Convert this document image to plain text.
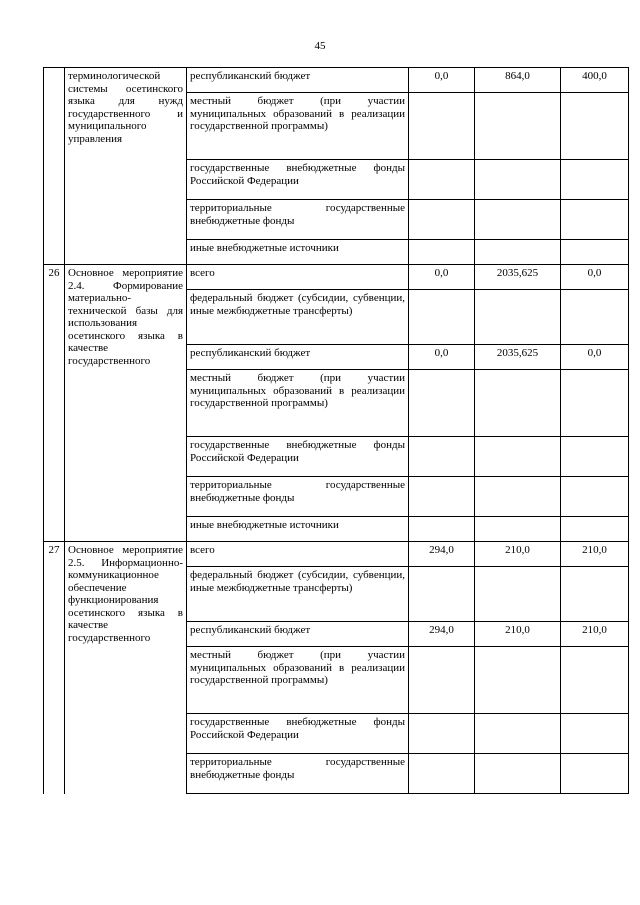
45
	терминологической системы осетинского языка для нужд государственного и муниципального управления	республиканский бюджет	0,0	864,0	400,0
		местный бюджет (при участии муниципальных образований в реализации государственной программы)			
		государственные внебюджетные фонды Российской Федерации			
		территориальные государственные внебюджетные фонды			
		иные внебюджетные источники			
26	Основное мероприятие 2.4. Формирование материально-технической базы для использования осетинского языка в качестве государственного	всего	0,0	2035,625	0,0
		федеральный бюджет (субсидии, субвенции, иные межбюджетные трансферты)			
		республиканский бюджет	0,0	2035,625	0,0
		местный бюджет (при участии муниципальных образований в реализации государственной программы)			
		государственные внебюджетные фонды Российской Федерации			
		территориальные государственные внебюджетные фонды			
		иные внебюджетные источники			
27	Основное мероприятие 2.5. Информационно-коммуникационное обеспечение функционирования осетинского языка в качестве государственного	всего	294,0	210,0	210,0
		федеральный бюджет (субсидии, субвенции, иные межбюджетные трансферты)			
		республиканский бюджет	294,0	210,0	210,0
		местный бюджет (при участии муниципальных образований в реализации государственной программы)			
		государственные внебюджетные фонды Российской Федерации			
		территориальные государственные внебюджетные фонды			
